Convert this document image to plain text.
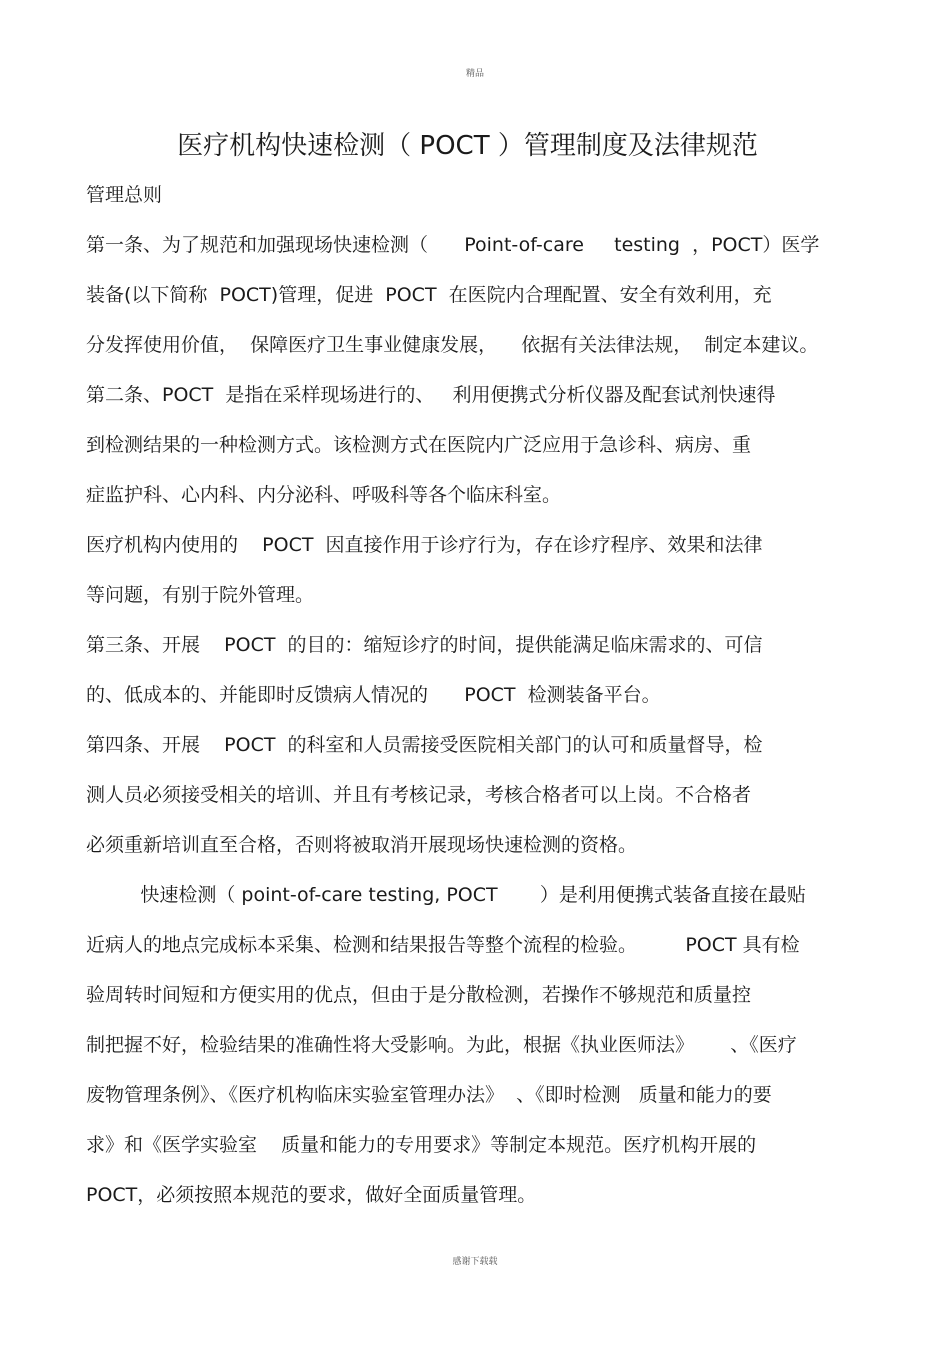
精品
医疗机构快速检测（ POCT ）管理制度及法律规范
管理总则
第一条、为了规范和加强现场快速检测（      Point-of-care     testing  ，POCT）医学
装备(以下简称  POCT)管理，促进  POCT  在医院内合理配置、安全有效利用，充
分发挥使用价值，  保障医疗卫生事业健康发展，    依据有关法律法规，  制定本建议。
第二条、POCT  是指在采样现场进行的、   利用便携式分析仪器及配套试剂快速得
到检测结果的一种检测方式。该检测方式在医院内广泛应用于急诊科、病房、重
症监护科、心内科、内分泌科、呼吸科等各个临床科室。
医疗机构内使用的    POCT  因直接作用于诊疗行为，存在诊疗程序、效果和法律
等问题，有别于院外管理。
第三条、开展    POCT  的目的：缩短诊疗的时间，提供能满足临床需求的、可信
的、低成本的、并能即时反馈病人情况的      POCT  检测装备平台。
第四条、开展    POCT  的科室和人员需接受医院相关部门的认可和质量督导，检
测人员必须接受相关的培训、并且有考核记录，考核合格者可以上岗。不合格者
必须重新培训直至合格，否则将被取消开展现场快速检测的资格。
快速检测（ point-of-care testing, POCT       ）是利用便携式装备直接在最贴
近病人的地点完成标本采集、检测和结果报告等整个流程的检验。        POCT 具有检
验周转时间短和方便实用的优点，但由于是分散检测，若操作不够规范和质量控
制把握不好，检验结果的准确性将大受影响。为此，根据《执业医师法》      、《医疗
废物管理条例》、《医疗机构临床实验室管理办法》  、《即时检测   质量和能力的要
求》和《医学实验室    质量和能力的专用要求》等制定本规范。医疗机构开展的
POCT，必须按照本规范的要求，做好全面质量管理。
感谢下载载
